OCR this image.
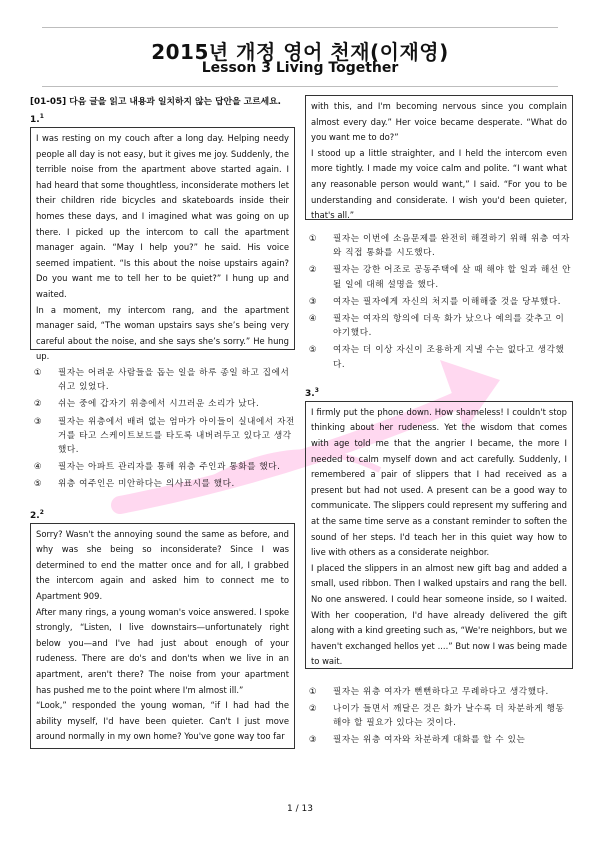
2015년 개정 영어 천재(이재영)
Lesson 3 Living Together
[01-05] 다음 글을 읽고 내용과 일치하지 않는 답안을 고르세요.
1.$^1$

I was resting on my couch after a long day. Helping needy people all day is not easy, but it gives me joy. Suddenly, the terrible noise from the apartment above started again. I had heard that some thoughtless, inconsiderate mothers let their children ride bicycles and skateboards inside their homes these days, and I imagined what was going on up there. I picked up the intercom to call the apartment manager again. “May I help you?” he said. His voice seemed impatient. “Is this about the noise upstairs again? Do you want me to tell her to be quiet?” I hung up and waited.

In a moment, my intercom rang, and the apartment manager said, “The woman upstairs says she’s being very careful about the noise, and she says she’s sorry.” He hung up.

①	필자는 어려운 사람들을 돕는 일을 하루 종일 하고 집에서 쉬고 있었다.
②	쉬는 중에 갑자기 위층에서 시끄러운 소리가 났다.
③	필자는 위층에서 배려 없는 엄마가 아이들이 실내에서 자전거를 타고 스케이트보드를 타도록 내버려두고 있다고 생각했다.
④	필자는 아파트 관리자를 통해 위층 주인과 통화를 했다.
⑤	위층 여주인은 미안하다는 의사표시를 했다.
2.$^2$

Sorry? Wasn't the annoying sound the same as before, and why was she being so inconsiderate? Since I was determined to end the matter once and for all, I grabbed the intercom again and asked him to connect me to Apartment 909.

After many rings, a young woman's voice answered. I spoke strongly, “Listen, I live downstairs—unfortunately right below you—and I've had just about enough of your rudeness. There are do's and don'ts when we live in an apartment, aren't there? The noise from your apartment has pushed me to the point where I'm almost ill.”

“Look,” responded the young woman, “if I had had the ability myself, I'd have been quieter. Can't I just move around normally in my own home? You've gone way too far

with this, and I'm becoming nervous since you complain almost every day.” Her voice became desperate. “What do you want me to do?”

I stood up a little straighter, and I held the intercom even more tightly. I made my voice calm and polite. “I want what any reasonable person would want,” I said. “For you to be understanding and considerate. I wish you'd been quieter, that's all.”

①	필자는 이번에 소음문제를 완전히 해결하기 위해 위층 여자와 직접 통화를 시도했다.
②	필자는 강한 어조로 공동주택에 살 때 해야 할 일과 해선 안 될 일에 대해 설명을 했다.
③	여자는 필자에게 자신의 처지를 이해해줄 것을 당부했다.
④	필자는 여자의 항의에 더욱 화가 났으나 예의를 갖추고 이야기했다.
⑤	여자는 더 이상 자신이 조용하게 지낼 수는 없다고 생각했다.
3.$^3$

I firmly put the phone down. How shameless! I couldn't stop thinking about her rudeness. Yet the wisdom that comes with age told me that the angrier I became, the more I needed to calm myself down and act carefully. Suddenly, I remembered a pair of slippers that I had received as a present but had not used. A present can be a good way to communicate. The slippers could represent my suffering and at the same time serve as a constant reminder to soften the sound of her steps. I'd teach her in this quiet way how to live with others as a considerate neighbor.

I placed the slippers in an almost new gift bag and added a small, used ribbon. Then I walked upstairs and rang the bell. No one answered. I could hear someone inside, so I waited. With her cooperation, I'd have already delivered the gift along with a kind greeting such as, “We're neighbors, but we haven't exchanged hellos yet ....” But now I was being made to wait.

①	필자는 위층 여자가 뻔뻔하다고 무례하다고 생각했다.
②	나이가 들면서 깨달은 것은 화가 날수록 더 차분하게 행동해야 할 필요가 있다는 것이다.
③	필자는 위층 여자와 차분하게 대화를 할 수 있는
1 / 13
